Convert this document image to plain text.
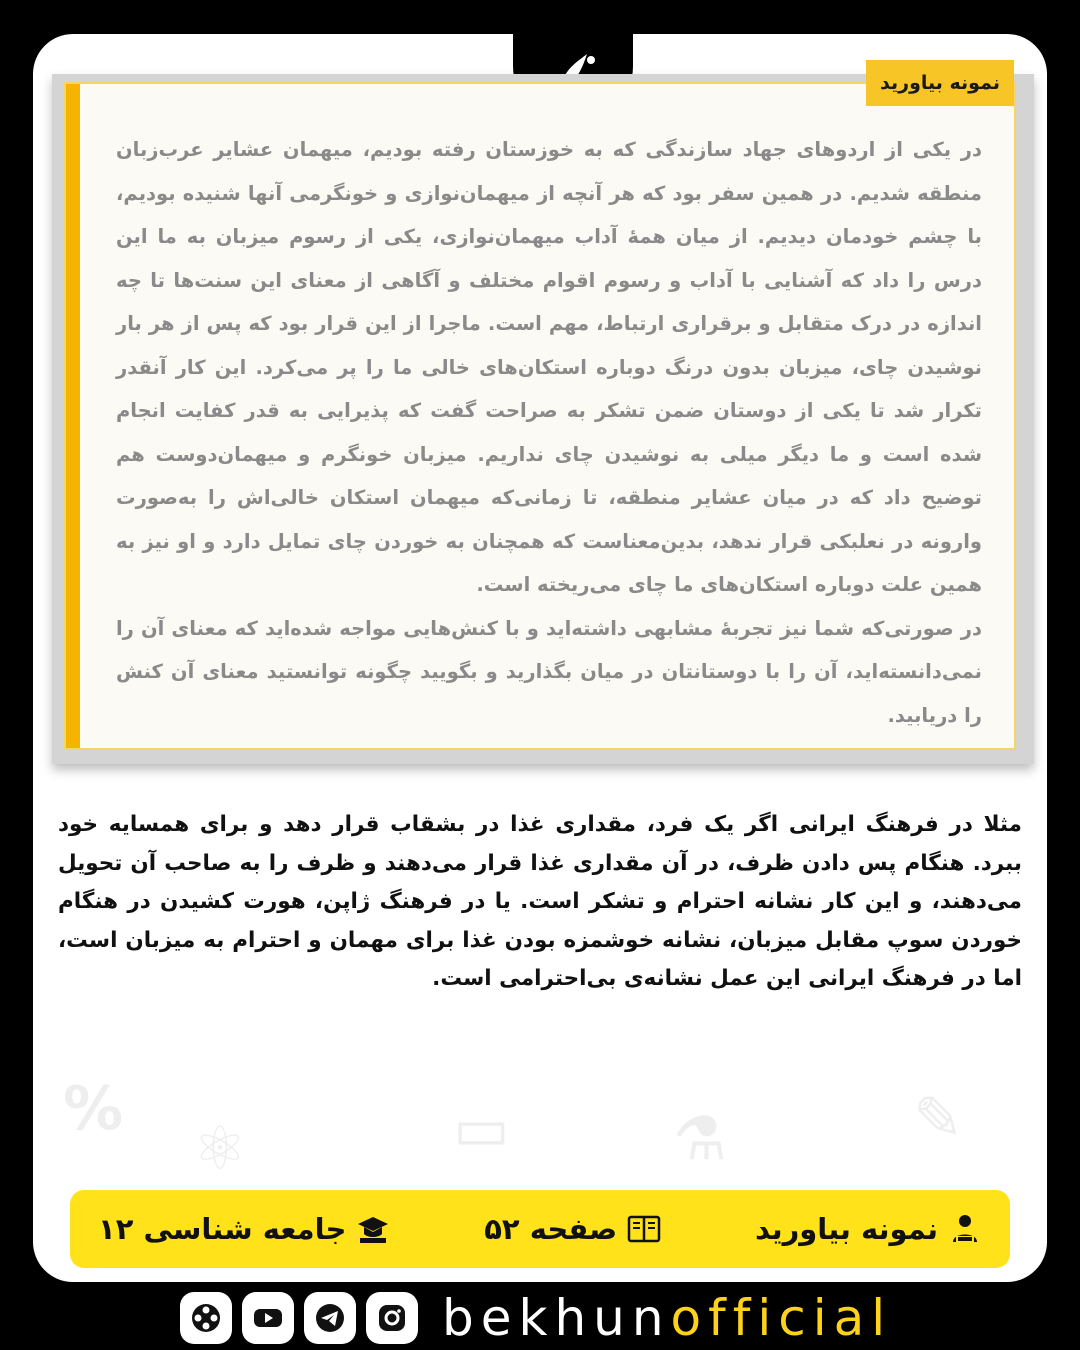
%
⚛	▭	⚗	✎
نمونه بیاورید

در یکی از اردوهای جهاد سازندگی که به خوزستان رفته بودیم، میهمان عشایر عرب‌زبان منطقه شدیم. در همین سفر بود که هر آنچه از میهمان‌نوازی و خونگرمی آنها شنیده بودیم، با چشم خودمان دیدیم. از میان همهٔ آداب میهمان‌نوازی، یکی از رسوم میزبان به ما این درس را داد که آشنایی با آداب و رسوم اقوام مختلف و آگاهی از معنای این سنت‌ها تا چه اندازه در درک متقابل و برقراری ارتباط، مهم است. ماجرا از این قرار بود که پس از هر بار نوشیدن چای، میزبان بدون درنگ دوباره استکان‌های خالی ما را پر می‌کرد. این کار آنقدر تکرار شد تا یکی از دوستان ضمن تشکر به صراحت گفت که پذیرایی به قدر کفایت انجام شده است و ما دیگر میلی به نوشیدن چای نداریم. میزبان خونگرم و میهمان‌دوست هم توضیح داد که در میان عشایر منطقه، تا زمانی‌که میهمان استکان خالی‌اش را به‌صورت وارونه در نعلبکی قرار ندهد، بدین‌معناست که همچنان به خوردن چای تمایل دارد و او نیز به همین علت دوباره استکان‌های ما چای می‌ریخته است.

در صورتی‌که شما نیز تجربهٔ مشابهی داشته‌اید و با کنش‌هایی مواجه شده‌اید که معنای آن را نمی‌دانسته‌اید، آن را با دوستانتان در میان بگذارید و بگویید چگونه توانستید معنای آن کنش را دریابید.

مثلا در فرهنگ ایرانی اگر یک فرد، مقداری غذا در بشقاب قرار دهد و برای همسایه خود ببرد. هنگام پس دادن ظرف، در آن مقداری غذا قرار می‌دهند و ظرف را به صاحب آن تحویل می‌دهند، و این کار نشانه احترام و تشکر است. یا در فرهنگ ژاپن، هورت کشیدن در هنگام خوردن سوپ مقابل میزبان، نشانه خوشمزه بودن غذا برای مهمان و احترام به میزبان است، اما در فرهنگ ایرانی این عمل نشانه‌ی بی‌احترامی است.
نمونه بیاورید
صفحه ۵۲
جامعه شناسی ۱۲
bekhunofficial
